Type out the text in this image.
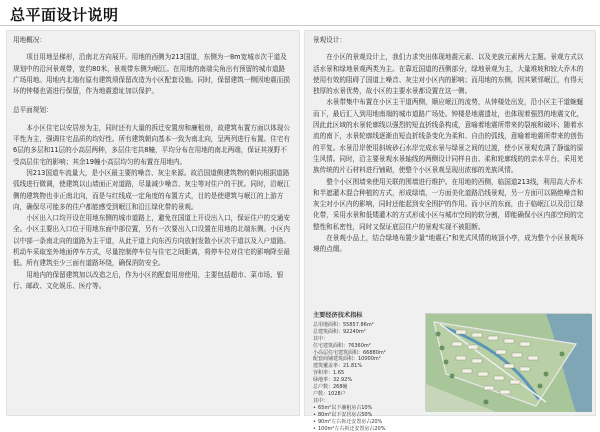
总平面设计说明

用地概况：

项目用地呈梯形，沿南北方向展开。用地的西侧为213国道，东侧为一8m宽城市次干道及规划中的沿河景观带，宽约80米，景观带东侧为岷江。在用地的南端尖角出有预留的城市道路广场用地。用地内北端有原有建筑须保留改造为小区配套设施。同时，保留建筑一侧因地震而损坏的钟楼也需进行保留，作为地震遗址加以保护。

总平面规划：

本小区住宅以安居房为主，同时还有大量的拆迁安置房和廉租房，故建筑布置方面以体现公平性为主，强调住宅品质的均好性。所有建筑朝向基本一致为南北向，呈两列进行布置。住宅有6层的多层和11层的小高层两种，多层住宅共8幢，平均分布在用地的南北两端，保证其视野不受高层住宅的影响；其余19幢小高层均匀的布置在用地内。

因213国道车流量大，是小区最主要的噪音、灰尘来源。故沿国道侧建筑物的朝向根据道路弧线进行微调，使建筑以山墙面正对道路，尽量减少噪音、灰尘等对住户的干扰。同时，沿岷江侧的建筑物也非正南北向，而是与红线成一定角度的布置方式，目的是使建筑与岷江的上游方向，确保尽可能多的住户都能感受到岷江和沿江绿化带的景观。

小区出入口均开设在用地东侧的城市道路上，避免在国道上开设出入口，保证住户的交通安全。小区主要出入口位于用地东面中部位置，另有一次要出入口设置在用地的北端东侧。小区内以中部一条南北向的道路为主干道，从此干道上向东西方向放射发散小区次干道以及入户道路。机动车采取室外地面停车方式，尽量控制停车位与住宅之间距离，将停车位对住宅的影响降至最低。所有建筑至少三面有道路环绕，确保消防安全。

用地内的保留建筑加以改造之后，作为小区的配套用房使用，主要包括超市、菜市场、银行、邮政、文化娱乐、医疗等。

景观设计：

在小区的景观设计上，我们力求突出体现地震元素、以及羌族元素两大主题。景观方式以活水景和绿地景观两类为主。在靠近国道的西侧部分，绿地景观为主，大量堆坡和较大乔木的使用有效的阻碍了国道上噪音、灰尘对小区内的影响；而用地的东侧，因其紧邻岷江，有得天独厚的水景优势，故小区的主要水景都设置在这一侧。

水景带集中布置在小区主干道两侧，顺应岷江的流势，从钟楼处出发，沿小区主干道蜿蜒而下，最后汇入到用地南端的城市道路广场处。钟楼是地震遗址，也体现着强烈的地震文化，因此此区域的水景轮廓线以强烈的短直折线条构成，意喻着地震所带来的裂痕和破坏；随着水流的南下，水景轮廓线逐渐由短直折线条变化为柔和、自由的弧线，意喻着地震所带来的创伤的平复。水景沿岸使用斜坡砂石水岸完成水景与绿景之间的过渡，使小区景观充满了静谧的原生风情。同时，沿主要景观水景轴线的两侧设计同样自由、柔和轮廓线的的亲水平台，采用羌族传统的片石材料进行铺砌，使整个小区景观呈现出浓郁的羌族风情。

整个小区围墙来使用关联的围墙进行维护。在用地的西侧，临国道213线，利用高大乔木和半遮灌木混合种植的方式，形成绿墙，一方面美化道路沿线景观，另一方面可以隔绝噪音和灰尘对小区内的影响，同时还能起到安全围护的作用。而小区的东面，由于临岷江以及沿江绿化带，采用水景和低矮灌木的方式形成小区与城市空间的软分割，即能确保小区内部空间的完整性和私密性，同时又保证底层住户的景观实现不被阻断。

在景观小品上，结合绿地布置少量“地震石”和羌式风情的坡顶小亭，成为整个小区景观环境的点缀。

主要经济技术指标
总用地面积：55857.86m²
总建筑面积：92240m²
其中：
住宅建筑面积：76360m²
小高层住宅建筑面积：66880m²
配套商铺建筑面积：10000m²
建筑覆盖率：21.81%
容积率：1.65
绿地率：32.92%
总户数：268幢
户数：1028户
其中：
• 65m²以下廉租房占10%
• 80m²以下安居房占50%
• 90m²左右拆迁安置房占20%
• 100m²左右拆迁安置房占20%
